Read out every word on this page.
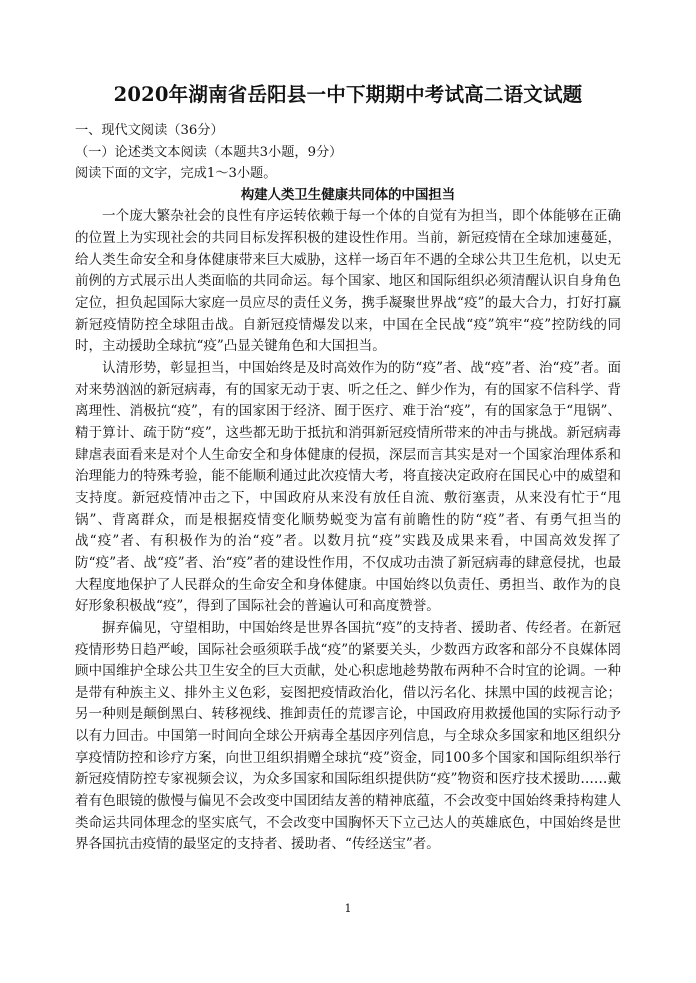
2020年湖南省岳阳县一中下期期中考试高二语文试题

一、现代文阅读（36分）

（一）论述类文本阅读（本题共3小题，9分）

阅读下面的文字，完成1～3小题。

构建人类卫生健康共同体的中国担当

一个庞大繁杂社会的良性有序运转依赖于每一个体的自觉有为担当，即个体能够在正确的位置上为实现社会的共同目标发挥积极的建设性作用。当前，新冠疫情在全球加速蔓延，给人类生命安全和身体健康带来巨大威胁，这样一场百年不遇的全球公共卫生危机，以史无前例的方式展示出人类面临的共同命运。每个国家、地区和国际组织必须清醒认识自身角色定位，担负起国际大家庭一员应尽的责任义务，携手凝聚世界战“疫”的最大合力，打好打赢新冠疫情防控全球阻击战。自新冠疫情爆发以来，中国在全民战“疫”筑牢“疫”控防线的同时，主动援助全球抗“疫”凸显关键角色和大国担当。

认清形势，彰显担当，中国始终是及时高效作为的防“疫”者、战“疫”者、治“疫”者。面对来势汹汹的新冠病毒，有的国家无动于衷、听之任之、鲜少作为，有的国家不信科学、背离理性、消极抗“疫”，有的国家困于经济、囿于医疗、难于治“疫”，有的国家急于“甩锅”、精于算计、疏于防“疫”，这些都无助于抵抗和消弭新冠疫情所带来的冲击与挑战。新冠病毒肆虐表面看来是对个人生命安全和身体健康的侵损，深层而言其实是对一个国家治理体系和治理能力的特殊考验，能不能顺利通过此次疫情大考，将直接决定政府在国民心中的威望和支持度。新冠疫情冲击之下，中国政府从来没有放任自流、敷衍塞责，从来没有忙于“甩锅”、背离群众，而是根据疫情变化顺势蜕变为富有前瞻性的防“疫”者、有勇气担当的战“疫”者、有积极作为的治“疫”者。以数月抗“疫”实践及成果来看，中国高效发挥了防“疫”者、战“疫”者、治“疫”者的建设性作用，不仅成功击溃了新冠病毒的肆意侵扰，也最大程度地保护了人民群众的生命安全和身体健康。中国始终以负责任、勇担当、敢作为的良好形象积极战“疫”，得到了国际社会的普遍认可和高度赞誉。

摒弃偏见，守望相助，中国始终是世界各国抗“疫”的支持者、援助者、传经者。在新冠疫情形势日趋严峻，国际社会亟须联手战“疫”的紧要关头，少数西方政客和部分不良媒体罔顾中国维护全球公共卫生安全的巨大贡献，处心积虑地趁势散布两种不合时宜的论调。一种是带有种族主义、排外主义色彩，妄图把疫情政治化，借以污名化、抹黑中国的歧视言论；另一种则是颠倒黑白、转移视线、推卸责任的荒谬言论，中国政府用救援他国的实际行动予以有力回击。中国第一时间向全球公开病毒全基因序列信息，与全球众多国家和地区组织分享疫情防控和诊疗方案，向世卫组织捐赠全球抗“疫”资金，同100多个国家和国际组织举行新冠疫情防控专家视频会议，为众多国家和国际组织提供防“疫”物资和医疗技术援助……戴着有色眼镜的傲慢与偏见不会改变中国团结友善的精神底蕴，不会改变中国始终秉持构建人类命运共同体理念的坚实底气，不会改变中国胸怀天下立己达人的英雄底色，中国始终是世界各国抗击疫情的最坚定的支持者、援助者、“传经送宝”者。

1
